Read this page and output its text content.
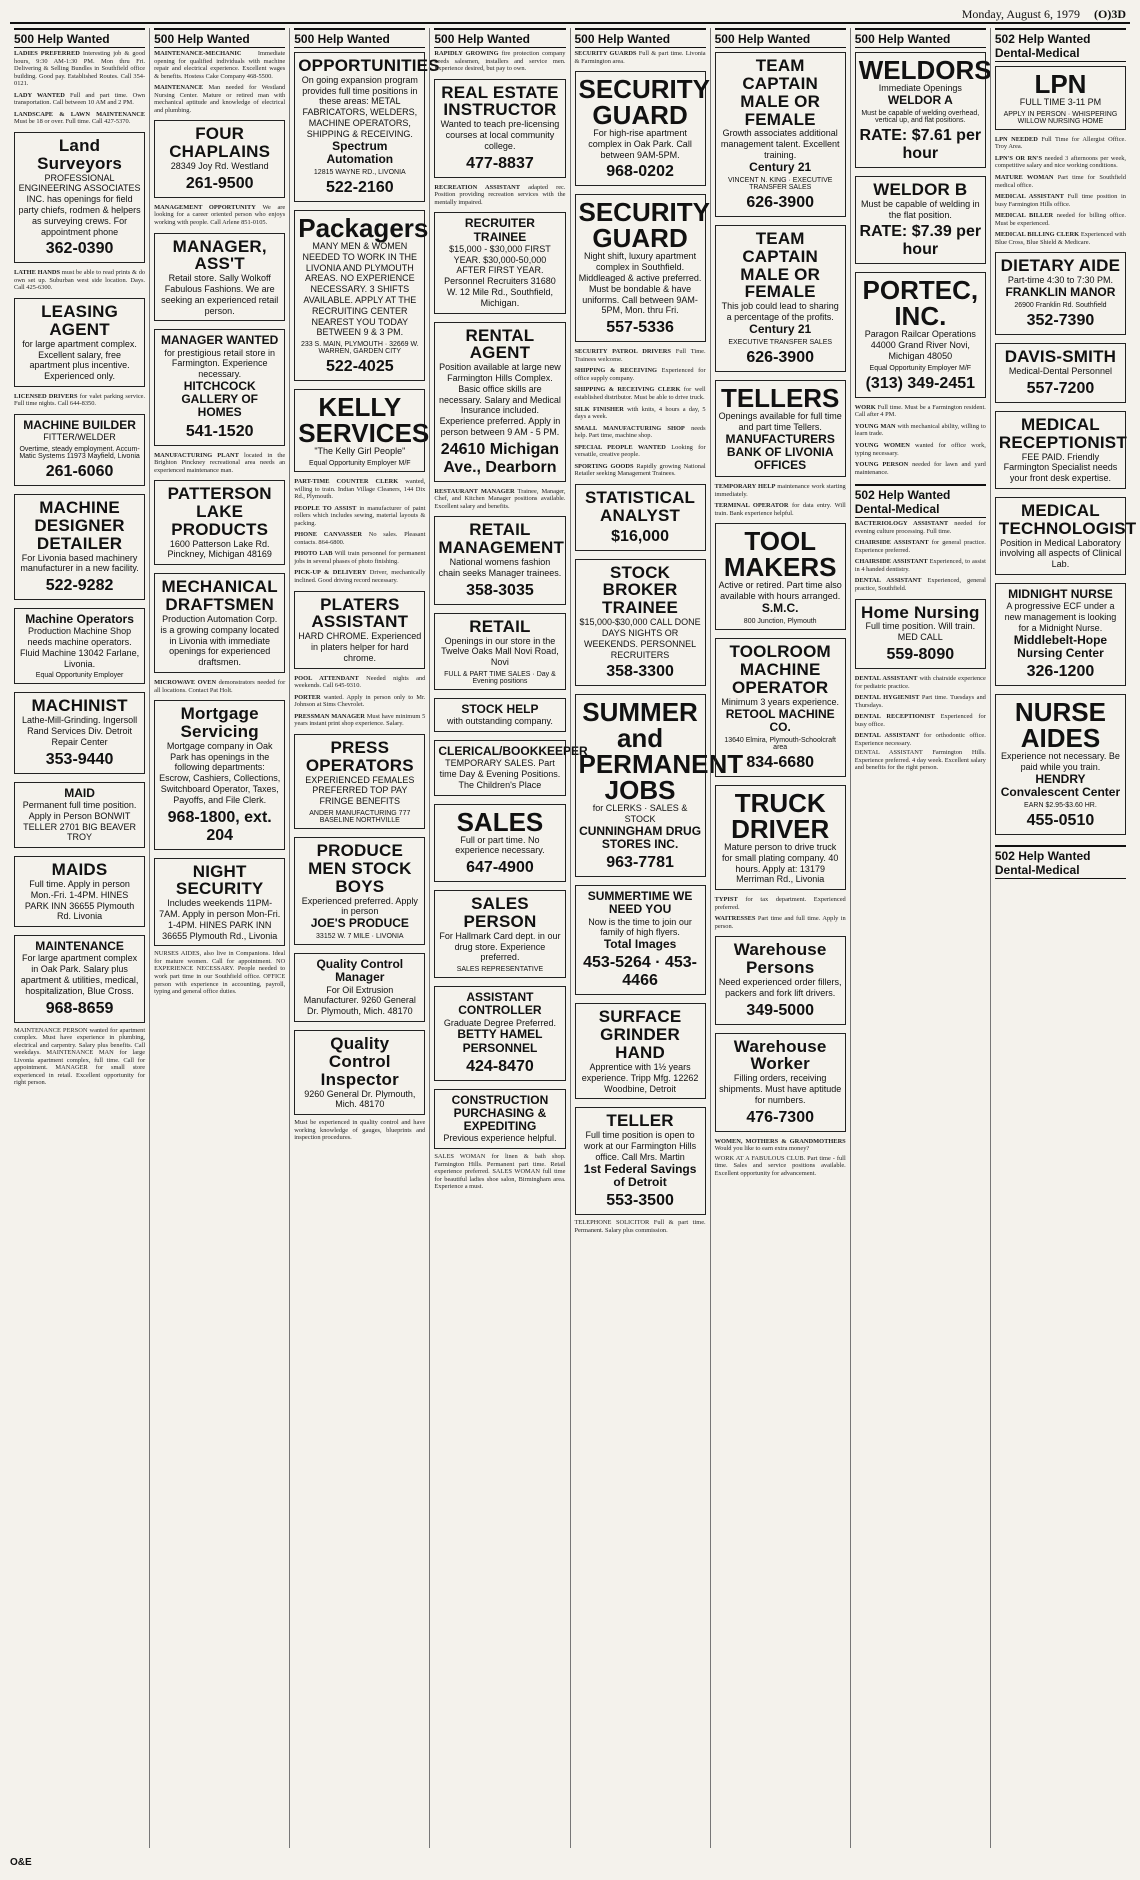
Monday, August 6, 1979 (O)3D
500 Help Wanted
LADIES PREFERRED Interesting job & good hours, 9:30 AM-1:30 PM. Mon thru Fri. Delivering & Selling Bundles in Southfield office building. Good pay. Established Routes. Call 354-0121.
LADY WANTED Full and part time. Own transportation. Call between 10 AM and 2 PM.
LANDSCAPE & LAWN MAINTENANCE Must be 18 or over. Full time. Call 427-5370.
Land Surveyors
PROFESSIONAL ENGINEERING ASSOCIATES INC. has openings for field party chiefs, rodmen & helpers as surveying crews. For appointment phone
362-0390
LATHE HANDS must be able to read prints & do own set up. Suburban west side location. Days. Call 425-6300.
LEASING AGENT
for large apartment complex. Excellent salary, free apartment plus incentive. Experienced only.
LICENSED DRIVERS for valet parking service. Full time nights. Call 644-8350.
MACHINE BUILDER
FITTER/WELDER
Overtime, steady employment. Accum-Matic Systems 11973 Mayfield, Livonia
261-6060
MACHINE DESIGNER DETAILER
For Livonia based machinery manufacturer in a new facility.
522-9282
Machine Operators
Production Machine Shop needs machine operators. Fluid Machine 13042 Farlane, Livonia.
Equal Opportunity Employer
MACHINIST
Lathe-Mill-Grinding. Ingersoll Rand Services Div. Detroit Repair Center
353-9440
MAID
Permanent full time position. Apply in Person BONWIT TELLER 2701 BIG BEAVER TROY
MAIDS
Full time. Apply in person Mon.-Fri. 1-4PM. HINES PARK INN 36655 Plymouth Rd. Livonia
MAINTENANCE
For large apartment complex in Oak Park. Salary plus apartment & utilities, medical, hospitalization, Blue Cross.
968-8659
MAINTENANCE PERSON wanted for apartment complex. Must have experience in plumbing, electrical and carpentry. Salary plus benefits. Call weekdays. MAINTENANCE MAN for large Livonia apartment complex, full time. Call for appointment. MANAGER for small store experienced in retail. Excellent opportunity for right person.
500 Help Wanted
MAINTENANCE-MECHANIC	Immediate opening for qualified individuals with machine repair and electrical experience. Excellent wages & benefits. Hostess Cake Company 468-5500.
MAINTENANCE Man needed for Westland Nursing Center. Mature or retired man with mechanical aptitude and knowledge of electrical and plumbing.
FOUR CHAPLAINS
28349 Joy Rd. Westland
261-9500
MANAGEMENT OPPORTUNITY We are looking for a career oriented person who enjoys working with people. Call Arlene 851-0105.
MANAGER, ASS'T
Retail store. Sally Wolkoff Fabulous Fashions. We are seeking an experienced retail person.
MANAGER WANTED
for prestigious retail store in Farmington. Experience necessary.
HITCHCOCK GALLERY OF HOMES
541-1520
MANUFACTURING PLANT located in the Brighton Pinckney recreational area needs an experienced maintenance man.
PATTERSON LAKE PRODUCTS
1600 Patterson Lake Rd. Pinckney, Michigan 48169
MECHANICAL DRAFTSMEN
Production Automation Corp. is a growing company located in Livonia with immediate openings for experienced draftsmen.
MICROWAVE OVEN demonstrators needed for all locations. Contact Pat Holt.
Mortgage Servicing
Mortgage company in Oak Park has openings in the following departments: Escrow, Cashiers, Collections, Switchboard Operator, Taxes, Payoffs, and File Clerk.
968-1800, ext. 204
NIGHT SECURITY
Includes weekends 11PM-7AM. Apply in person Mon-Fri. 1-4PM. HINES PARK INN 36655 Plymouth Rd., Livonia
NURSES AIDES, also live in Companions. Ideal for mature women. Call for appointment. NO EXPERIENCE NECESSARY. People needed to work part time in our Southfield office. OFFICE person with experience in accounting, payroll, typing and general office duties.
500 Help Wanted
OPPORTUNITIES
On going expansion program provides full time positions in these areas: METAL FABRICATORS, WELDERS, MACHINE OPERATORS, SHIPPING & RECEIVING.
Spectrum Automation
12815 WAYNE RD., LIVONIA
522-2160
Packagers
MANY MEN & WOMEN NEEDED TO WORK IN THE LIVONIA AND PLYMOUTH AREAS. NO EXPERIENCE NECESSARY. 3 SHIFTS AVAILABLE. APPLY AT THE RECRUITING CENTER NEAREST YOU TODAY BETWEEN 9 & 3 PM.
233 S. MAIN, PLYMOUTH · 32669 W. WARREN, GARDEN CITY
522-4025
KELLY SERVICES
"The Kelly Girl People"
Equal Opportunity Employer M/F
PART-TIME COUNTER CLERK wanted, willing to train. Indian Village Cleaners, 144 Dix Rd., Plymouth.
PEOPLE TO ASSIST in manufacturer of paint rollers which includes sewing, material layouts & packing.
PHONE CANVASSER No sales. Pleasant contacts. 864-6800.
PHOTO LAB Will train personnel for permanent jobs in several phases of photo finishing.
PICK-UP & DELIVERY Driver, mechanically inclined. Good driving record necessary.
PLATERS ASSISTANT
HARD CHROME. Experienced in platers helper for hard chrome.
POOL ATTENDANT Needed nights and weekends. Call 645-9310.
PORTER wanted. Apply in person only to Mr. Johnson at Sims Chevrolet.
PRESSMAN MANAGER Must have minimum 5 years instant print shop experience. Salary.
PRESS OPERATORS
EXPERIENCED FEMALES PREFERRED TOP PAY FRINGE BENEFITS
ANDER MANUFACTURING 777 BASELINE NORTHVILLE
PRODUCE MEN STOCK BOYS
Experienced preferred. Apply in person
JOE'S PRODUCE
33152 W. 7 MILE · LIVONIA
Quality Control Manager
For Oil Extrusion Manufacturer. 9260 General Dr. Plymouth, Mich. 48170
Quality Control Inspector
9260 General Dr. Plymouth, Mich. 48170
Must be experienced in quality control and have working knowledge of gauges, blueprints and inspection procedures.
500 Help Wanted
RAPIDLY GROWING fire protection company needs salesmen, installers and service men. Experience desired, but pay to own.
REAL ESTATE INSTRUCTOR
Wanted to teach pre-licensing courses at local community college.
477-8837
RECREATION ASSISTANT adapted rec. Position providing recreation services with the mentally impaired.
RECRUITER TRAINEE
$15,000 - $30,000 FIRST YEAR. $30,000-50,000 AFTER FIRST YEAR. Personnel Recruiters 31680 W. 12 Mile Rd., Southfield, Michigan.
RENTAL AGENT
Position available at large new Farmington Hills Complex. Basic office skills are necessary. Salary and Medical Insurance included. Experience preferred. Apply in person between 9 AM - 5 PM.
24610 Michigan Ave., Dearborn
RESTAURANT MANAGER Trainee, Manager, Chef, and Kitchen Manager positions available. Excellent salary and benefits.
RETAIL MANAGEMENT
National womens fashion chain seeks Manager trainees.
358-3035
RETAIL
Openings in our store in the Twelve Oaks Mall Novi Road, Novi
FULL & PART TIME SALES · Day & Evening positions
STOCK HELP
with outstanding company.
CLERICAL/BOOKKEEPER
TEMPORARY SALES. Part time Day & Evening Positions. The Children's Place
SALES
Full or part time. No experience necessary.
647-4900
SALES PERSON
For Hallmark Card dept. in our drug store. Experience preferred.
SALES REPRESENTATIVE
ASSISTANT CONTROLLER
Graduate Degree Preferred.
BETTY HAMEL PERSONNEL
424-8470
CONSTRUCTION PURCHASING & EXPEDITING
Previous experience helpful.
SALES WOMAN for linen & bath shop. Farmington Hills. Permanent part time. Retail experience preferred. SALES WOMAN full time for beautiful ladies shoe salon, Birmingham area. Experience a must.
500 Help Wanted
SECURITY GUARDS Full & part time. Livonia & Farmington area.
SECURITY GUARD
For high-rise apartment complex in Oak Park. Call between 9AM-5PM.
968-0202
SECURITY GUARD
Night shift, luxury apartment complex in Southfield. Middleaged & active preferred. Must be bondable & have uniforms. Call between 9AM-5PM, Mon. thru Fri.
557-5336
SECURITY PATROL DRIVERS Full Time. Trainees welcome.
SHIPPING & RECEIVING Experienced for office supply company.
SHIPPING & RECEIVING CLERK for well established distributor. Must be able to drive truck.
SILK FINISHER with knits, 4 hours a day, 5 days a week.
SMALL MANUFACTURING SHOP needs help. Part time, machine shop.
SPECIAL PEOPLE WANTED Looking for versatile, creative people.
SPORTING GOODS Rapidly growing National Retailer seeking Management Trainees.
STATISTICAL ANALYST
$16,000
STOCK BROKER TRAINEE
$15,000-$30,000 CALL DONE DAYS NIGHTS OR WEEKENDS. PERSONNEL RECRUITERS
358-3300
SUMMER and PERMANENT JOBS
for CLERKS · SALES & STOCK
CUNNINGHAM DRUG STORES INC.
963-7781
SUMMERTIME WE NEED YOU
Now is the time to join our family of high flyers.
Total Images
453-5264 · 453-4466
SURFACE GRINDER HAND
Apprentice with 1½ years experience. Tripp Mfg. 12262 Woodbine, Detroit
TELLER
Full time position is open to work at our Farmington Hills office. Call Mrs. Martin
1st Federal Savings of Detroit
553-3500
TELEPHONE SOLICITOR Full & part time. Permanent. Salary plus commission.
500 Help Wanted
TEAM CAPTAIN MALE OR FEMALE
Growth associates additional management talent. Excellent training.
Century 21
VINCENT N. KING · EXECUTIVE TRANSFER SALES
626-3900
TEAM CAPTAIN MALE OR FEMALE
This job could lead to sharing a percentage of the profits.
Century 21
EXECUTIVE TRANSFER SALES
626-3900
TELLERS
Openings available for full time and part time Tellers.
MANUFACTURERS BANK OF LIVONIA OFFICES
TEMPORARY HELP maintenance work starting immediately.
TERMINAL OPERATOR for data entry. Will train. Bank experience helpful.
TOOL MAKERS
Active or retired. Part time also available with hours arranged.
S.M.C.
800 Junction, Plymouth
TOOLROOM MACHINE OPERATOR
Minimum 3 years experience.
RETOOL MACHINE CO.
13640 Elmira, Plymouth-Schoolcraft area
834-6680
TRUCK DRIVER
Mature person to drive truck for small plating company. 40 hours. Apply at: 13179 Merriman Rd., Livonia
TYPIST for tax department. Experienced preferred.
WAITRESSES Part time and full time. Apply in person.
Warehouse Persons
Need experienced order fillers, packers and fork lift drivers.
349-5000
Warehouse Worker
Filling orders, receiving shipments. Must have aptitude for numbers.
476-7300
WOMEN, MOTHERS & GRANDMOTHERS Would you like to earn extra money?
WORK AT A FABULOUS CLUB. Part time - full time. Sales and service positions available. Excellent opportunity for advancement.
500 Help Wanted
WELDORS
Immediate Openings
WELDOR A
Must be capable of welding overhead, vertical up, and flat positions.
RATE: $7.61 per hour
WELDOR B
Must be capable of welding in the flat position.
RATE: $7.39 per hour
PORTEC, INC.
Paragon Railcar Operations 44000 Grand River Novi, Michigan 48050
Equal Opportunity Employer M/F
(313) 349-2451
WORK Full time. Must be a Farmington resident. Call after 4 PM.
YOUNG MAN with mechanical ability, willing to learn trade.
YOUNG WOMEN wanted for office work, typing necessary.
YOUNG PERSON needed for lawn and yard maintenance.
502 Help Wanted Dental-Medical
BACTERIOLOGY ASSISTANT needed for evening culture processing. Full time.
CHAIRSIDE ASSISTANT for general practice. Experience preferred.
CHAIRSIDE ASSISTANT Experienced, to assist in 4 handed dentistry.
DENTAL ASSISTANT Experienced, general practice, Southfield.
Home Nursing
Full time position. Will train. MED CALL
559-8090
DENTAL ASSISTANT with chairside experience for pediatric practice.
DENTAL HYGIENIST Part time. Tuesdays and Thursdays.
DENTAL RECEPTIONIST Experienced for busy office.
DENTAL ASSISTANT for orthodontic office. Experience necessary.
DENTAL ASSISTANT Farmington Hills. Experience preferred. 4 day week. Excellent salary and benefits for the right person.
502 Help Wanted Dental-Medical
LPN
FULL TIME 3-11 PM
APPLY IN PERSON · WHISPERING WILLOW NURSING HOME
LPN NEEDED Full Time for Allergist Office. Troy Area.
LPN'S OR RN'S needed 3 afternoons per week, competitive salary and nice working conditions.
MATURE WOMAN Part time for Southfield medical office.
MEDICAL ASSISTANT Full time position in busy Farmington Hills office.
MEDICAL BILLER needed for billing office. Must be experienced.
MEDICAL BILLING CLERK Experienced with Blue Cross, Blue Shield & Medicare.
DIETARY AIDE
Part-time 4:30 to 7:30 PM.
FRANKLIN MANOR
26900 Franklin Rd. Southfield
352-7390
DAVIS-SMITH
Medical-Dental Personnel
557-7200
MEDICAL RECEPTIONIST
FEE PAID. Friendly Farmington Specialist needs your front desk expertise.
MEDICAL TECHNOLOGIST
Position in Medical Laboratory involving all aspects of Clinical Lab.
MIDNIGHT NURSE
A progressive ECF under a new management is looking for a Midnight Nurse.
Middlebelt-Hope Nursing Center
326-1200
NURSE AIDES
Experience not necessary. Be paid while you train.
HENDRY Convalescent Center
EARN $2.95-$3.60 HR.
455-0510
502 Help Wanted Dental-Medical
O&E
